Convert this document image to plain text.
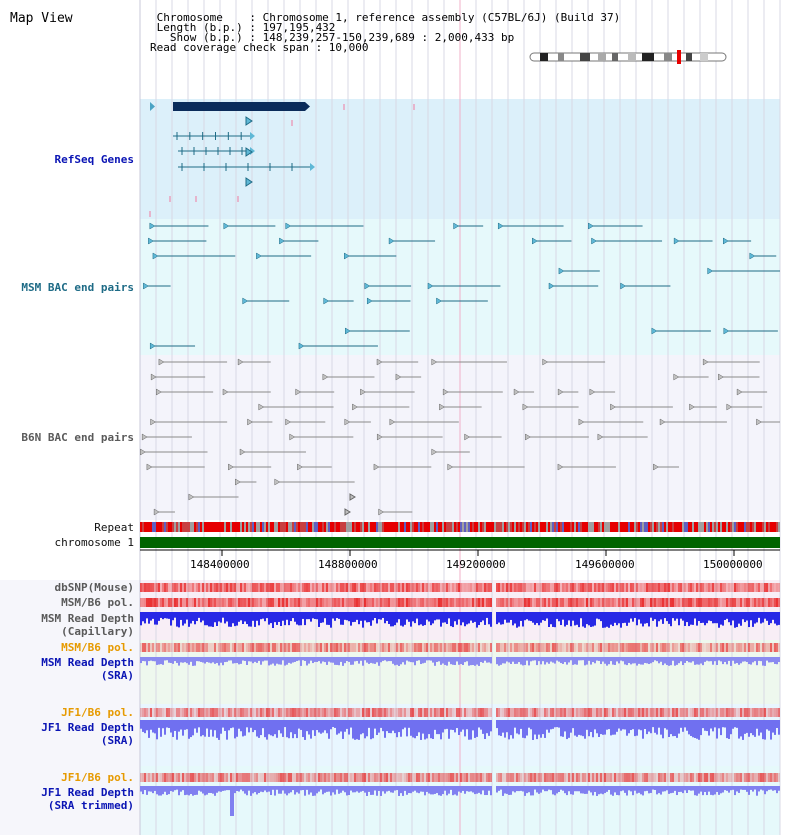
Map View	Chromosome    : Chromosome 1, reference assembly (C57BL/6J) (Build 37)
Length (b.p.) : 197,195,432
Show (b.p.) : 148,239,257-150,239,689 : 2,000,433 bp
Read coverage check span : 10,000
RefSeq Genes
MSM BAC end pairs
B6N BAC end pairs
Repeat
chromosome 1
dbSNP(Mouse)
MSM/B6 pol.
MSM Read Depth
(Capillary)
MSM/B6 pol.
MSM Read Depth
(SRA)
JF1/B6 pol.
JF1 Read Depth
(SRA)
JF1/B6 pol.
JF1 Read Depth
(SRA trimmed)
148400000	148800000	149200000	149600000	150000000
